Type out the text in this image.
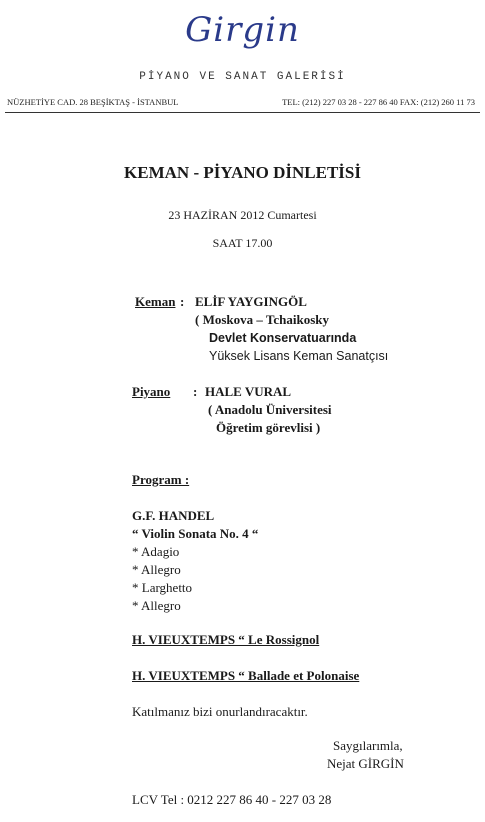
Girgin
PİYANO VE SANAT GALERİSİ
NÜZHETİYE CAD. 28 BEŞİKTAŞ - İSTANBUL	TEL: (212) 227 03 28 - 227 86 40 FAX: (212) 260 11 73
KEMAN - PİYANO DİNLETİSİ
23 HAZİRAN 2012 Cumartesi
SAAT 17.00
Keman : ELİF YAYGINGÖL
( Moskova – Tchaikosky
Devlet Konservatuarında
Yüksek Lisans Keman Sanatçısı
Piyano : HALE VURAL
( Anadolu Üniversitesi
Öğretim görevlisi )
Program :
G.F. HANDEL
“ Violin Sonata No. 4 “
* Adagio
* Allegro
* Larghetto
* Allegro
H. VIEUXTEMPS “ Le Rossignol
H. VIEUXTEMPS “ Ballade et Polonaise
Katılmanız bizi onurlandıracaktır.
Saygılarımla,
Nejat GİRGİN
LCV Tel : 0212 227 86 40 - 227 03 28
